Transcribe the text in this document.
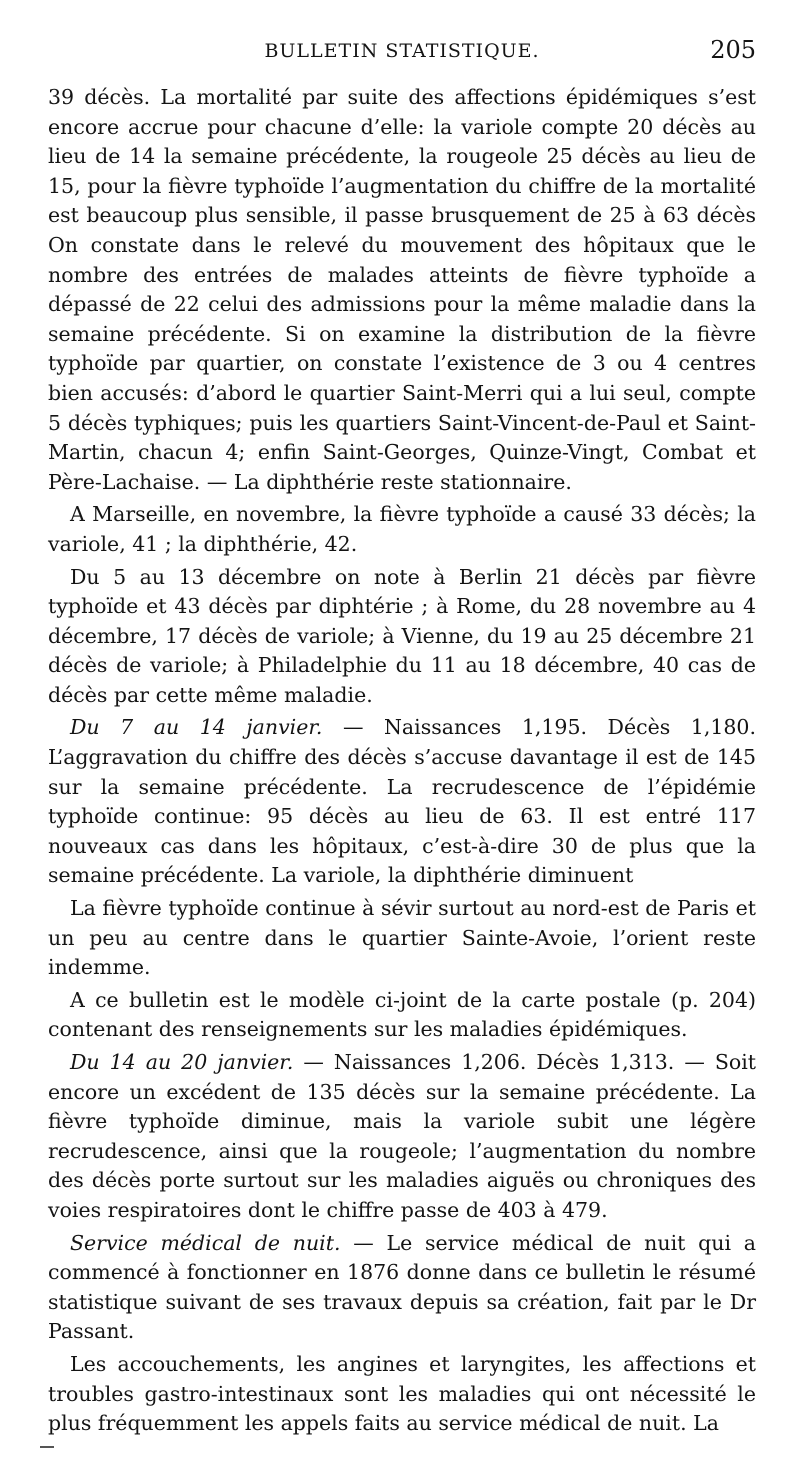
BULLETIN STATISTIQUE.	205

39 décès. La mortalité par suite des affections épidémiques s’est encore accrue pour chacune d’elle: la variole compte 20 décès au lieu de 14 la semaine précédente, la rougeole 25 décès au lieu de 15, pour la fièvre typhoïde l’augmentation du chiffre de la mortalité est beaucoup plus sensible, il passe brusquement de 25 à 63 décès On constate dans le relevé du mouvement des hôpitaux que le nombre des entrées de malades atteints de fièvre typhoïde a dépassé de 22 celui des admissions pour la même maladie dans la semaine précédente. Si on examine la distribution de la fièvre typhoïde par quartier, on constate l’existence de 3 ou 4 centres bien accusés: d’abord le quartier Saint-Merri qui a lui seul, compte 5 décès typhiques; puis les quartiers Saint-Vincent-de-Paul et Saint-Martin, chacun 4; enfin Saint-Georges, Quinze-Vingt, Combat et Père-Lachaise. — La diphthérie reste stationnaire.

A Marseille, en novembre, la fièvre typhoïde a causé 33 décès; la variole, 41 ; la diphthérie, 42.

Du 5 au 13 décembre on note à Berlin 21 décès par fièvre typhoïde et 43 décès par diphtérie ; à Rome, du 28 novembre au 4 décembre, 17 décès de variole; à Vienne, du 19 au 25 décembre 21 décès de variole; à Philadelphie du 11 au 18 décembre, 40 cas de décès par cette même maladie.

Du 7 au 14 janvier. — Naissances 1,195. Décès 1,180. L’aggravation du chiffre des décès s’accuse davantage il est de 145 sur la semaine précédente. La recrudescence de l’épidémie typhoïde continue: 95 décès au lieu de 63. Il est entré 117 nouveaux cas dans les hôpitaux, c’est-à-dire 30 de plus que la semaine précédente. La variole, la diphthérie diminuent

La fièvre typhoïde continue à sévir surtout au nord-est de Paris et un peu au centre dans le quartier Sainte-Avoie, l’orient reste indemme.

A ce bulletin est le modèle ci-joint de la carte postale (p. 204) contenant des renseignements sur les maladies épidémiques.

Du 14 au 20 janvier. — Naissances 1,206. Décès 1,313. — Soit encore un excédent de 135 décès sur la semaine précédente. La fièvre typhoïde diminue, mais la variole subit une légère recrudescence, ainsi que la rougeole; l’augmentation du nombre des décès porte surtout sur les maladies aiguës ou chroniques des voies respiratoires dont le chiffre passe de 403 à 479.

Service médical de nuit. — Le service médical de nuit qui a commencé à fonctionner en 1876 donne dans ce bulletin le résumé statistique suivant de ses travaux depuis sa création, fait par le Dr Passant.

Les accouchements, les angines et laryngites, les affections et troubles gastro-intestinaux sont les maladies qui ont nécessité le plus fréquemment les appels faits au service médical de nuit. La
